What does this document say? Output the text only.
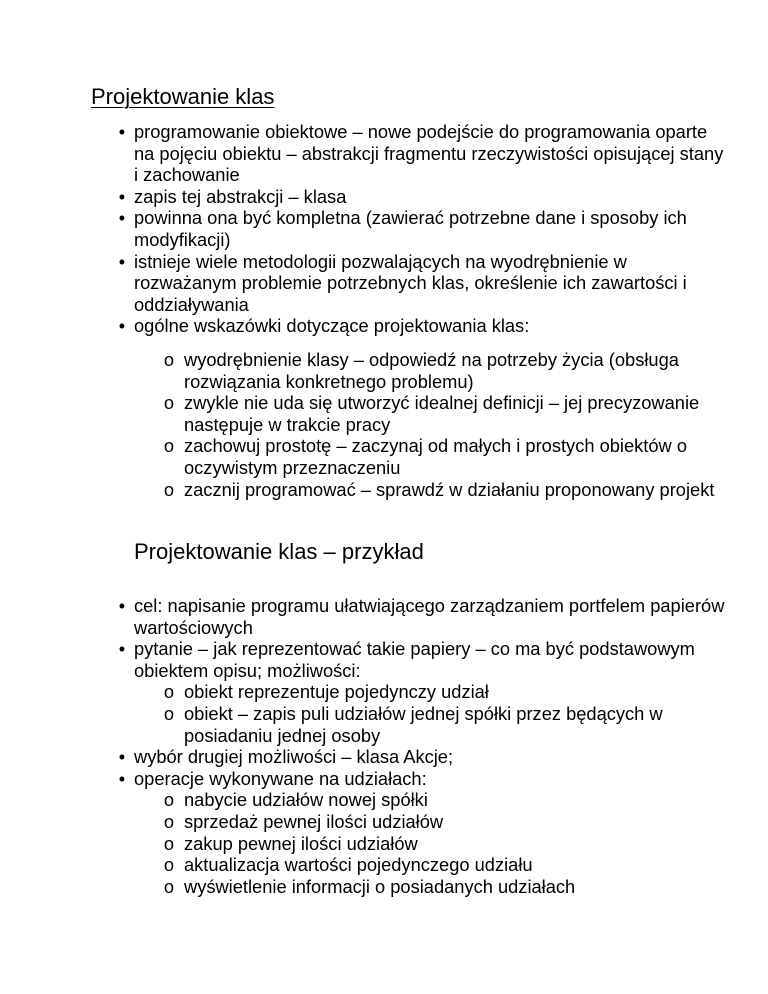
Projektowanie klas
• programowanie obiektowe – nowe podejście do programowania oparte na pojęciu obiektu – abstrakcji fragmentu rzeczywistości opisującej stany i zachowanie
• zapis tej abstrakcji – klasa
• powinna ona być kompletna (zawierać potrzebne dane i sposoby ich modyfikacji)
• istnieje wiele metodologii pozwalających na wyodrębnienie w rozważanym problemie potrzebnych klas, określenie ich zawartości i oddziaływania
• ogólne wskazówki dotyczące projektowania klas:
o wyodrębnienie klasy – odpowiedź na potrzeby życia (obsługa rozwiązania konkretnego problemu)
o zwykle nie uda się utworzyć idealnej definicji – jej precyzowanie następuje w trakcie pracy
o zachowuj prostotę – zaczynaj od małych i prostych obiektów o oczywistym przeznaczeniu
o zacznij programować – sprawdź w działaniu proponowany projekt
Projektowanie klas – przykład
• cel: napisanie programu ułatwiającego zarządzaniem portfelem papierów wartościowych
• pytanie – jak reprezentować takie papiery – co ma być podstawowym obiektem opisu; możliwości:
o obiekt reprezentuje pojedynczy udział
o obiekt – zapis puli udziałów jednej spółki przez będących w posiadaniu jednej osoby
• wybór drugiej możliwości – klasa Akcje;
• operacje wykonywane na udziałach:
o nabycie udziałów nowej spółki
o sprzedaż pewnej ilości udziałów
o zakup pewnej ilości udziałów
o aktualizacja wartości pojedynczego udziału
o wyświetlenie informacji o posiadanych udziałach
